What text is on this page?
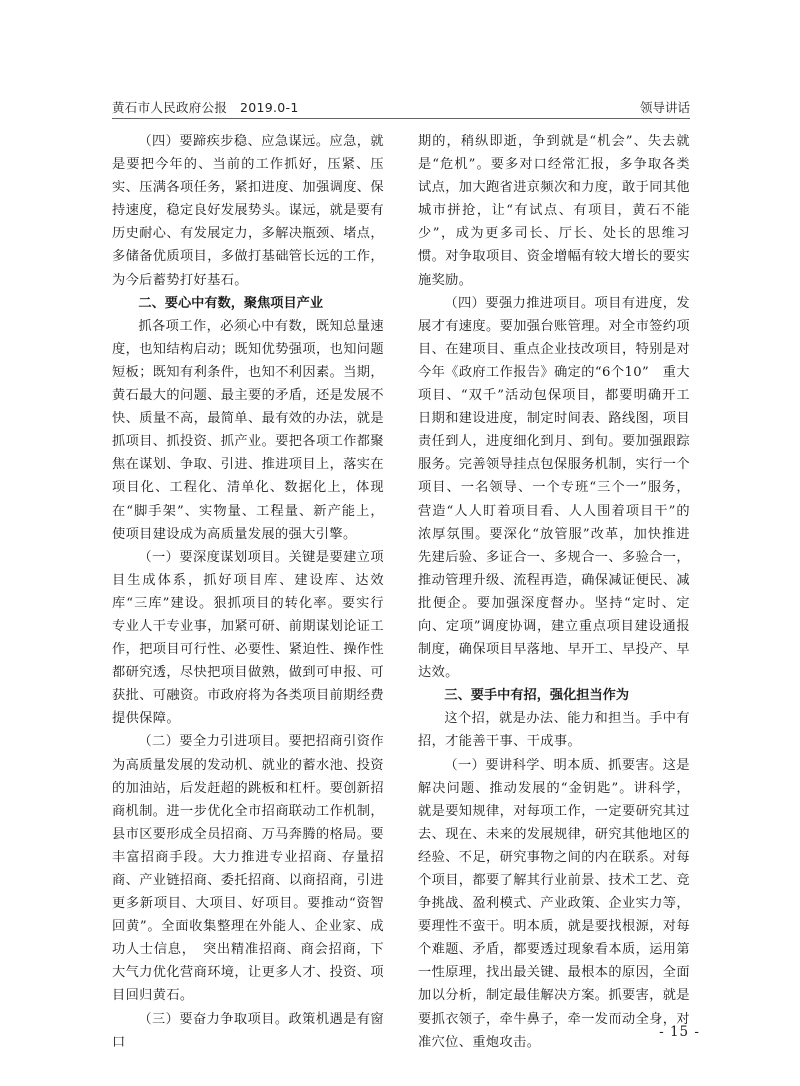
黄石市人民政府公报　2019.0-1	领导讲话

（四）要蹄疾步稳、应急谋远。应急，就是要把今年的、当前的工作抓好，压紧、压实、压满各项任务，紧扣进度、加强调度、保持速度，稳定良好发展势头。谋远，就是要有历史耐心、有发展定力，多解决瓶颈、堵点，多储备优质项目，多做打基础管长远的工作，为今后蓄势打好基石。

二、要心中有数，聚焦项目产业

抓各项工作，必须心中有数，既知总量速度，也知结构启动；既知优势强项，也知问题短板；既知有利条件，也知不利因素。当期，黄石最大的问题、最主要的矛盾，还是发展不快、质量不高，最简单、最有效的办法，就是抓项目、抓投资、抓产业。要把各项工作都聚焦在谋划、争取、引进、推进项目上，落实在项目化、工程化、清单化、数据化上，体现在“脚手架”、实物量、工程量、新产能上，使项目建设成为高质量发展的强大引擎。

（一）要深度谋划项目。关键是要建立项目生成体系，抓好项目库、建设库、达效库“三库”建设。狠抓项目的转化率。要实行专业人干专业事，加紧可研、前期谋划论证工作，把项目可行性、必要性、紧迫性、操作性都研究透，尽快把项目做熟，做到可申报、可获批、可融资。市政府将为各类项目前期经费提供保障。

（二）要全力引进项目。要把招商引资作为高质量发展的发动机、就业的蓄水池、投资的加油站，后发赶超的跳板和杠杆。要创新招商机制。进一步优化全市招商联动工作机制，县市区要形成全员招商、万马奔腾的格局。要丰富招商手段。大力推进专业招商、存量招商、产业链招商、委托招商、以商招商，引进更多新项目、大项目、好项目。要推动“资智回黄”。全面收集整理在外能人、企业家、成功人士信息，　突出精准招商、商会招商，下大气力优化营商环境，让更多人才、投资、项目回归黄石。

（三）要奋力争取项目。政策机遇是有窗口

期的，稍纵即逝，争到就是“机会”、失去就是“危机”。要多对口经常汇报，多争取各类试点，加大跑省进京频次和力度，敢于同其他城市拼抢，让“有试点、有项目，黄石不能少”，成为更多司长、厅长、处长的思维习惯。对争取项目、资金增幅有较大增长的要实施奖励。

（四）要强力推进项目。项目有进度，发展才有速度。要加强台账管理。对全市签约项目、在建项目、重点企业技改项目，特别是对今年《政府工作报告》确定的“6个10”　重大项目、“双千”活动包保项目，都要明确开工日期和建设进度，制定时间表、路线图，项目责任到人，进度细化到月、到旬。要加强跟踪服务。完善领导挂点包保服务机制，实行一个项目、一名领导、一个专班“三个一”服务，营造“人人盯着项目看、人人围着项目干”的浓厚氛围。要深化“放管服”改革，加快推进先建后验、多证合一、多规合一、多验合一，推动管理升级、流程再造，确保减证便民、减批便企。要加强深度督办。坚持“定时、定向、定项”调度协调，建立重点项目建设通报制度，确保项目早落地、早开工、早投产、早达效。

三、要手中有招，强化担当作为

这个招，就是办法、能力和担当。手中有招，才能善干事、干成事。

（一）要讲科学、明本质、抓要害。这是解决问题、推动发展的“金钥匙”。讲科学，就是要知规律，对每项工作，一定要研究其过去、现在、未来的发展规律，研究其他地区的经验、不足，研究事物之间的内在联系。对每个项目，都要了解其行业前景、技术工艺、竞争挑战、盈利模式、产业政策、企业实力等，要理性不蛮干。明本质，就是要找根源，对每个难题、矛盾，都要透过现象看本质，运用第一性原理，找出最关键、最根本的原因，全面加以分析，制定最佳解决方案。抓要害，就是要抓衣领子，牵牛鼻子，牵一发而动全身，对准穴位、重炮攻击。

- 15 -
